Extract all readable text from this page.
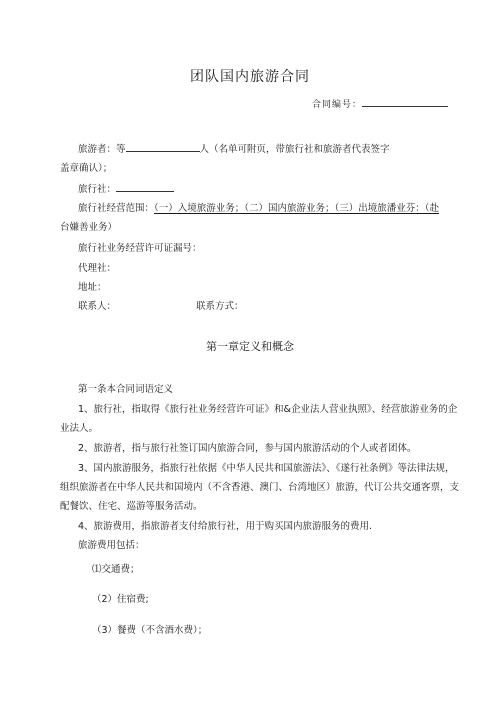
团队国内旅游合同
合同编号：
旅游者：等	人（名单可附页，带旅行社和旅游者代表签字
盖章确认）；
旅行社：
旅行社经营范围：（一）入境旅游业务；（二）国内旅游业务；（三）出境旅潘业芬：（赴
台嫌善业务）
旅行社业务经营许可证漏号：
代理社：
地址：
联系人：	联系方式：
第一章定义和概念
第一条本合同词语定义
1、旅行社，指取得《旅行社业务经营许可证》和&企业法人营业执照》、经营旅游业务的企
业法人。
2、旅游者，指与旅行社签订国内旅游合同，参与国内旅游活动的个人或者团体。
3、国内旅游服务，指旅行社依据《中华人民共和国旅游法》、《遂行社条例》等法律法规，
组织旅游者在中华人民共和国境内（不含香港、澳门、台湾地区）旅游，代订公共交通客票，支
配餐饮、住宅、巡游等服务活动。
4、旅游费用，指旅游者支付给旅行社，用于购买国内旅游服务的费用.
旅游费用包括：
⑴交通费；
（2）住宿费;
（3）餐费（不含酒水费）；
